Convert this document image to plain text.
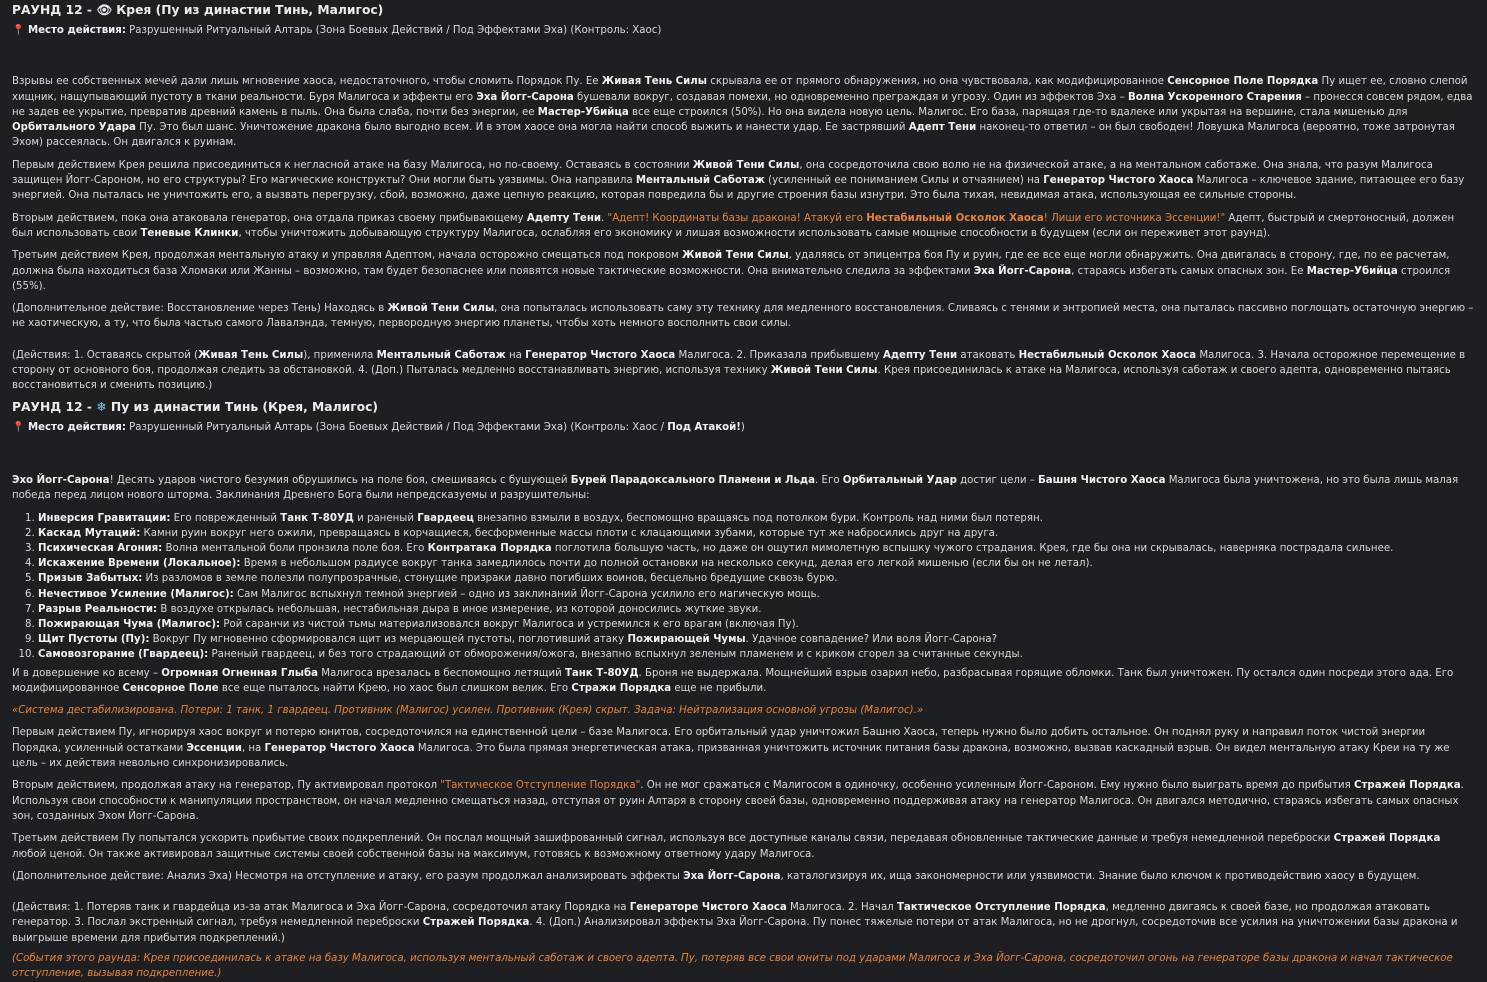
РАУНД 12 - 👁 Крея (Пу из династии Тинь, Малигос)
📍 Место действия: Разрушенный Ритуальный Алтарь (Зона Боевых Действий / Под Эффектами Эха) (Контроль: Хаос)

Взрывы ее собственных мечей дали лишь мгновение хаоса, недостаточного, чтобы сломить Порядок Пу. Ее Живая Тень Силы скрывала ее от прямого обнаружения, но она чувствовала, как модифицированное Сенсорное Поле Порядка Пу ищет ее, словно слепой хищник, нащупывающий пустоту в ткани реальности. Буря Малигоса и эффекты его Эха Йогг-Сарона бушевали вокруг, создавая помехи, но одновременно преграждая и угрозу. Один из эффектов Эха – Волна Ускоренного Старения – пронесся совсем рядом, едва не задев ее укрытие, превратив древний камень в пыль. Она была слаба, почти без энергии, ее Мастер-Убийца все еще строился (50%). Но она видела новую цель. Малигос. Его база, парящая где-то вдалеке или укрытая на вершине, стала мишенью для Орбитального Удара Пу. Это был шанс. Уничтожение дракона было выгодно всем. И в этом хаосе она могла найти способ выжить и нанести удар. Ее застрявший Адепт Тени наконец-то ответил – он был свободен! Ловушка Малигоса (вероятно, тоже затронутая Эхом) рассеялась. Он двигался к руинам.

Первым действием Крея решила присоединиться к неглаcной атаке на базу Малигоса, но по-своему. Оставаясь в состоянии Живой Тени Силы, она сосредоточила свою волю не на физической атаке, а на ментальном саботаже. Она знала, что разум Малигоса защищен Йогг-Сароном, но его структуры? Его магические конструкты? Они могли быть уязвимы. Она направила Ментальный Саботаж (усиленный ее пониманием Силы и отчаянием) на Генератор Чистого Хаоса Малигоса – ключевое здание, питающее его базу энергией. Она пыталась не уничтожить его, а вызвать перегрузку, сбой, возможно, даже цепную реакцию, которая повредила бы и другие строения базы изнутри. Это была тихая, невидимая атака, использующая ее сильные стороны.

Вторым действием, пока она атаковала генератор, она отдала приказ своему прибывающему Адепту Тени. "Адепт! Координаты базы дракона! Атакуй его Нестабильный Осколок Хаоса! Лиши его источника Эссенции!" Адепт, быстрый и смертоносный, должен был использовать свои Теневые Клинки, чтобы уничтожить добывающую структуру Малигоса, ослабляя его экономику и лишая возможности использовать самые мощные способности в будущем (если он переживет этот раунд).

Третьим действием Крея, продолжая ментальную атаку и управляя Адептом, начала осторожно смещаться под покровом Живой Тени Силы, удаляясь от эпицентра боя Пу и руин, где ее все еще могли обнаружить. Она двигалась в сторону, где, по ее расчетам, должна была находиться база Хломаки или Жанны – возможно, там будет безопаснее или появятся новые тактические возможности. Она внимательно следила за эффектами Эха Йогг-Сарона, стараясь избегать самых опасных зон. Ее Мастер-Убийца строился (55%).

(Дополнительное действие: Восстановление через Тень) Находясь в Живой Тени Силы, она попыталась использовать саму эту технику для медленного восстановления. Сливаясь с тенями и энтропией места, она пыталась пассивно поглощать остаточную энергию – не хаотическую, а ту, что была частью самого Лавалэнда, темную, первородную энергию планеты, чтобы хоть немного восполнить свои силы.

(Действия: 1. Оставаясь скрытой (Живая Тень Силы), применила Ментальный Саботаж на Генератор Чистого Хаоса Малигоса. 2. Приказала прибывшему Адепту Тени атаковать Нестабильный Осколок Хаоса Малигоса. 3. Начала осторожное перемещение в сторону от основного боя, продолжая следить за обстановкой. 4. (Доп.) Пыталась медленно восстанавливать энергию, используя технику Живой Тени Силы. Крея присоединилась к атаке на Малигоса, используя саботаж и своего адепта, одновременно пытаясь восстановиться и сменить позицию.)

РАУНД 12 - ❄ Пу из династии Тинь (Крея, Малигос)
📍 Место действия: Разрушенный Ритуальный Алтарь (Зона Боевых Действий / Под Эффектами Эха) (Контроль: Хаос / Под Атакой!)

Эхо Йогг-Сарона! Десять ударов чистого безумия обрушились на поле боя, смешиваясь с бушующей Бурей Парадоксального Пламени и Льда. Его Орбитальный Удар достиг цели – Башня Чистого Хаоса Малигоса была уничтожена, но это была лишь малая победа перед лицом нового шторма. Заклинания Древнего Бога были непредсказуемы и разрушительны:

1. Инверсия Гравитации: Его поврежденный Танк Т-80УД и раненый Гвардеец внезапно взмыли в воздух, беспомощно вращаясь под потолком бури. Контроль над ними был потерян.
2. Каскад Мутаций: Камни руин вокруг него ожили, превращаясь в корчащиеся, бесформенные массы плоти с клацающими зубами, которые тут же набросились друг на друга.
3. Психическая Агония: Волна ментальной боли пронзила поле боя. Его Контратака Порядка поглотила большую часть, но даже он ощутил мимолетную вспышку чужого страдания. Крея, где бы она ни скрывалась, наверняка пострадала сильнее.
4. Искажение Времени (Локальное): Время в небольшом радиусе вокруг танка замедлилось почти до полной остановки на несколько секунд, делая его легкой мишенью (если бы он не летал).
5. Призыв Забытых: Из разломов в земле полезли полупрозрачные, стонущие призраки давно погибших воинов, бесцельно бредущие сквозь бурю.
6. Нечестивое Усиление (Малигос): Сам Малигос вспыхнул темной энергией – одно из заклинаний Йогг-Сарона усилило его магическую мощь.
7. Разрыв Реальности: В воздухе открылась небольшая, нестабильная дыра в иное измерение, из которой доносились жуткие звуки.
8. Пожирающая Чума (Малигос): Рой саранчи из чистой тьмы материализовался вокруг Малигоса и устремился к его врагам (включая Пу).
9. Щит Пустоты (Пу): Вокруг Пу мгновенно сформировался щит из мерцающей пустоты, поглотивший атаку Пожирающей Чумы. Удачное совпадение? Или воля Йогг-Сарона?
10. Самовозгорание (Гвардеец): Раненый гвардеец, и без того страдающий от обморожения/ожога, внезапно вспыхнул зеленым пламенем и с криком сгорел за считанные секунды.

И в довершение ко всему – Огромная Огненная Глыба Малигоса врезалась в беспомощно летящий Танк Т-80УД. Броня не выдержала. Мощнейший взрыв озарил небо, разбрасывая горящие обломки. Танк был уничтожен. Пу остался один посреди этого ада. Его модифицированное Сенсорное Поле все еще пыталось найти Крею, но хаос был слишком велик. Его Стражи Порядка еще не прибыли.

«Система дестабилизирована. Потери: 1 танк, 1 гвардеец. Противник (Малигос) усилен. Противник (Крея) скрыт. Задача: Нейтрализация основной угрозы (Малигос).»

Первым действием Пу, игнорируя хаос вокруг и потерю юнитов, сосредоточился на единственной цели – базе Малигоса. Его орбитальный удар уничтожил Башню Хаоса, теперь нужно было добить остальное. Он поднял руку и направил поток чистой энергии Порядка, усиленный остатками Эссенции, на Генератор Чистого Хаоса Малигоса. Это была прямая энергетическая атака, призванная уничтожить источник питания базы дракона, возможно, вызвав каскадный взрыв. Он видел ментальную атаку Креи на ту же цель – их действия невольно синхронизировались.

Вторым действием, продолжая атаку на генератор, Пу активировал протокол "Тактическое Отступление Порядка". Он не мог сражаться с Малигосом в одиночку, особенно усиленным Йогг-Сароном. Ему нужно было выиграть время до прибытия Стражей Порядка. Используя свои способности к манипуляции пространством, он начал медленно смещаться назад, отступая от руин Алтаря в сторону своей базы, одновременно поддерживая атаку на генератор Малигоса. Он двигался методично, стараясь избегать самых опасных зон, созданных Эхом Йогг-Сарона.

Третьим действием Пу попытался ускорить прибытие своих подкреплений. Он послал мощный зашифрованный сигнал, используя все доступные каналы связи, передавая обновленные тактические данные и требуя немедленной переброски Стражей Порядка любой ценой. Он также активировал защитные системы своей собственной базы на максимум, готовясь к возможному ответному удару Малигоса.

(Дополнительное действие: Анализ Эха) Несмотря на отступление и атаку, его разум продолжал анализировать эффекты Эха Йогг-Сарона, каталогизируя их, ища закономерности или уязвимости. Знание было ключом к противодействию хаосу в будущем.

(Действия: 1. Потеряв танк и гвардейца из-за атак Малигоса и Эха Йогг-Сарона, сосредоточил атаку Порядка на Генераторе Чистого Хаоса Малигоса. 2. Начал Тактическое Отступление Порядка, медленно двигаясь к своей базе, но продолжая атаковать генератор. 3. Послал экстренный сигнал, требуя немедленной переброски Стражей Порядка. 4. (Доп.) Анализировал эффекты Эха Йогг-Сарона. Пу понес тяжелые потери от атак Малигоса, но не дрогнул, сосредоточив все усилия на уничтожении базы дракона и выигрыше времени для прибытия подкреплений.)

(События этого раунда: Крея присоединилась к атаке на базу Малигоса, используя ментальный саботаж и своего адепта. Пу, потеряв все свои юниты под ударами Малигоса и Эха Йогг-Сарона, сосредоточил огонь на генераторе базы дракона и начал тактическое отступление, вызывая подкрепление.)
